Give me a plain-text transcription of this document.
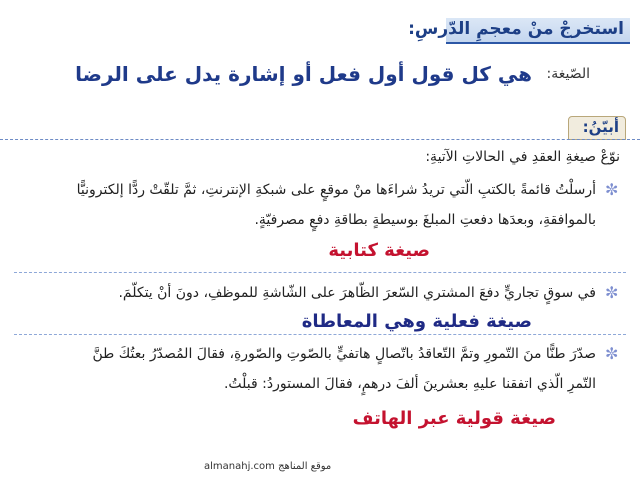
استخرجْ منْ معجمِ الدّرسِ:
الصّيغة:
هي كل قول أول فعل أو إشارة يدل على الرضا
أبيّنُ:
نوّعْ صيغةِ العقدِ في الحالاتِ الآتيةِ:
✼
أرسلْتُ قائمةً بالكتبِ الّتي تريدُ شراءَها منْ موقعٍ على شبكةِ الإنترنتِ، ثمَّ تلقّتْ ردًّا إلكترونيًّا
بالموافقةِ، وبعدَها دفعتِ المبلغَ بوسيطةٍ بطاقةِ دفعٍ مصرفيّةٍ.
صيغة كتابية
✼
في سوقٍ تجاريٍّ دفعَ المشتري السّعرَ الظّاهرَ على الشّاشةِ للموظفِ، دونَ أنْ يتكلّمَ.
صيغة فعلية وهي المعاطاة
✼
صدّرَ طنًّا منَ التّمورِ وتمَّ التّعاقدُ باتّصالٍ هاتفيٍّ بالصّوتِ والصّورةِ، فقالَ المُصدّرُ بعتُكَ طنَّ
التّمرِ الّذي اتفقنا عليهِ بعشرينَ ألفَ درهمٍ، فقالَ المستوردُ: قبلْتُ.
صيغة قولية عبر الهاتف
موقع المناهج almanahj.com
